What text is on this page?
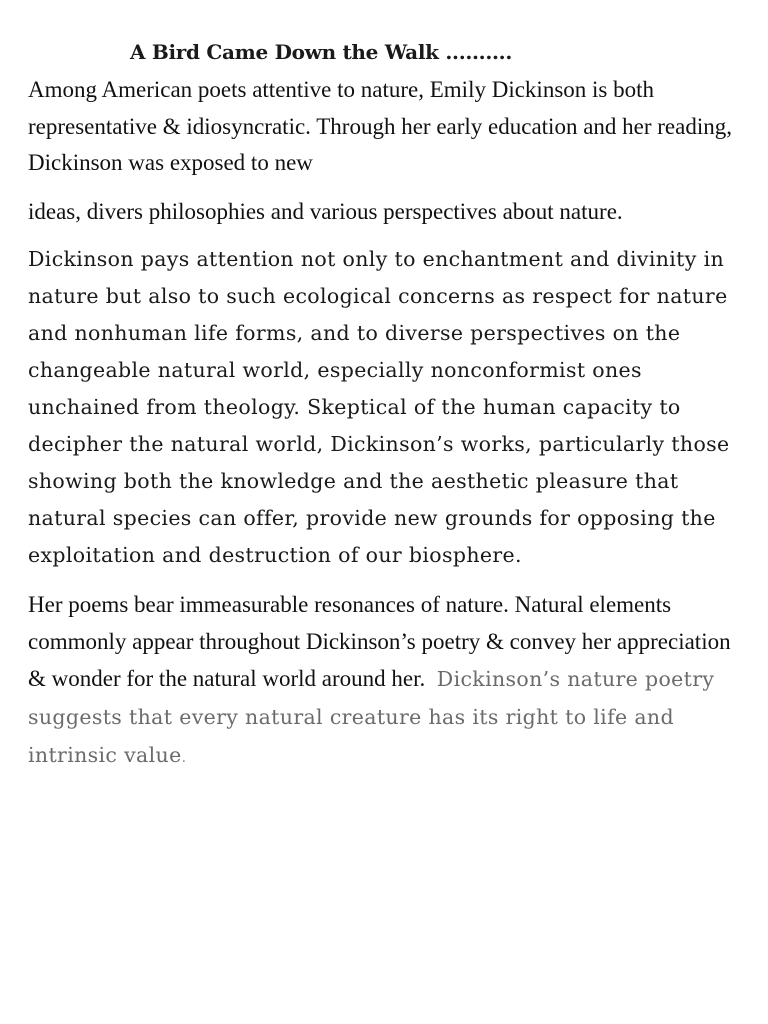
A Bird Came Down the Walk ..........

Among American poets attentive to nature, Emily Dickinson is both representative & idiosyncratic. Through her early education and her reading, Dickinson was exposed to new

ideas, divers philosophies and various perspectives about nature.

Dickinson pays attention not only to enchantment and divinity in nature but also to such ecological concerns as respect for nature and nonhuman life forms, and to diverse perspectives on the changeable natural world, especially nonconformist ones unchained from theology. Skeptical of the human capacity to decipher the natural world, Dickinson’s works, particularly those showing both the knowledge and the aesthetic pleasure that natural species can offer, provide new grounds for opposing the exploitation and destruction of our biosphere.

Her poems bear immeasurable resonances of nature. Natural elements commonly appear throughout Dickinson’s poetry & convey her appreciation & wonder for the natural world around her. Dickinson’s nature poetry suggests that every natural creature has its right to life and intrinsic value.
